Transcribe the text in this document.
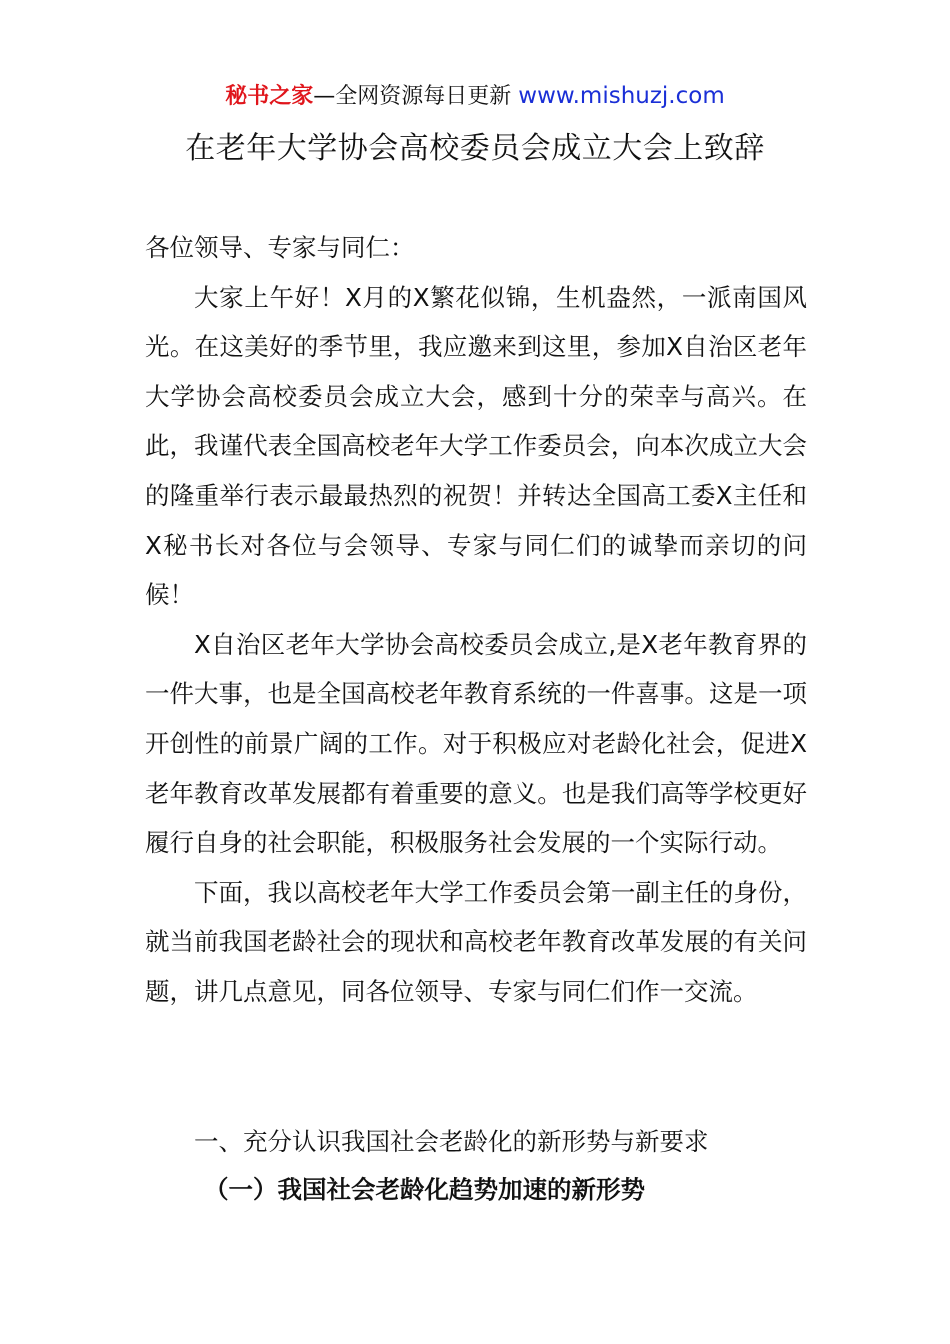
秘书之家—全网资源每日更新 www.mishuzj.com
在老年大学协会高校委员会成立大会上致辞
各位领导、专家与同仁：

大家上午好！X月的X繁花似锦，生机盎然，一派南国风光。在这美好的季节里，我应邀来到这里，参加X自治区老年大学协会高校委员会成立大会，感到十分的荣幸与高兴。在此，我谨代表全国高校老年大学工作委员会，向本次成立大会的隆重举行表示最最热烈的祝贺！并转达全国高工委X主任和X秘书长对各位与会领导、专家与同仁们的诚挚而亲切的问候！

X自治区老年大学协会高校委员会成立,是X老年教育界的一件大事，也是全国高校老年教育系统的一件喜事。这是一项开创性的前景广阔的工作。对于积极应对老龄化社会，促进X老年教育改革发展都有着重要的意义。也是我们高等学校更好履行自身的社会职能，积极服务社会发展的一个实际行动。

下面，我以高校老年大学工作委员会第一副主任的身份，就当前我国老龄社会的现状和高校老年教育改革发展的有关问题，讲几点意见，同各位领导、专家与同仁们作一交流。

一、充分认识我国社会老龄化的新形势与新要求
（一）我国社会老龄化趋势加速的新形势
